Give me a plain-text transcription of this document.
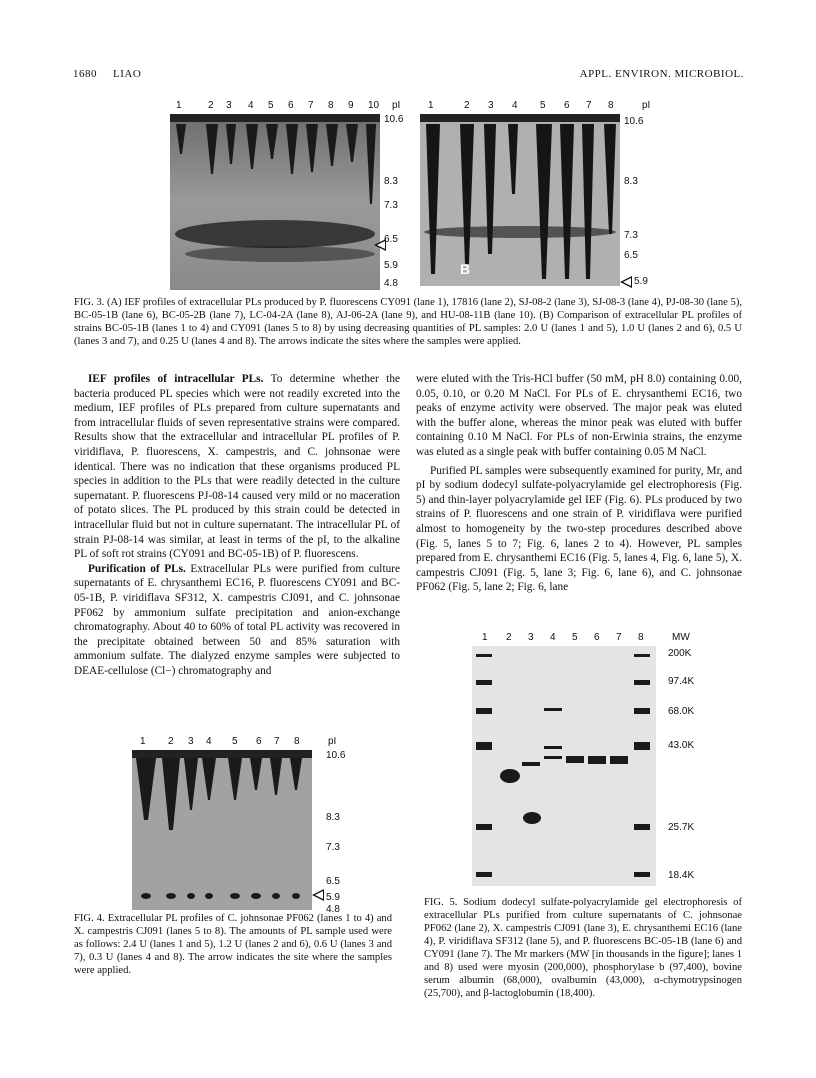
1680 LIAO	APPL. ENVIRON. MICROBIOL.
1	2 3 4 5 6 7 8 9 10 pI
10.6
8.3
7.3
6.5
5.9
4.8
1	2 3 4 5 6 7 8	pI
B
10.6
8.3
7.3
6.5
5.9
FIG. 3. (A) IEF profiles of extracellular PLs produced by P. fluorescens CY091 (lane 1), 17816 (lane 2), SJ-08-2 (lane 3), SJ-08-3 (lane 4), PJ-08-30 (lane 5), BC-05-1B (lane 6), BC-05-2B (lane 7), LC-04-2A (lane 8), AJ-06-2A (lane 9), and HU-08-11B (lane 10). (B) Comparison of extracellular PL profiles of strains BC-05-1B (lanes 1 to 4) and CY091 (lanes 5 to 8) by using decreasing quantities of PL samples: 2.0 U (lanes 1 and 5), 1.0 U (lanes 2 and 6), 0.5 U (lanes 3 and 7), and 0.25 U (lanes 4 and 8). The arrows indicate the sites where the samples were applied.

IEF profiles of intracellular PLs. To determine whether the bacteria produced PL species which were not readily excreted into the medium, IEF profiles of PLs prepared from culture supernatants and from intracellular fluids of seven representative strains were compared. Results show that the extracellular and intracellular PL profiles of P. viridiflava, P. fluorescens, X. campestris, and C. johnsonae were identical. There was no indication that these organisms produced PL species in addition to the PLs that were readily detected in the culture supernatant. P. fluorescens PJ-08-14 caused very mild or no maceration of potato slices. The PL produced by this strain could be detected in intracellular fluid but not in culture supernatant. The intracellular PL of strain PJ-08-14 was similar, at least in terms of the pI, to the alkaline PL of soft rot strains (CY091 and BC-05-1B) of P. fluorescens.

Purification of PLs. Extracellular PLs were purified from culture supernatants of E. chrysanthemi EC16, P. fluorescens CY091 and BC-05-1B, P. viridiflava SF312, X. campestris CJ091, and C. johnsonae PF062 by ammonium sulfate precipitation and anion-exchange chromatography. About 40 to 60% of total PL activity was recovered in the precipitate obtained between 50 and 85% saturation with ammonium sulfate. The dialyzed enzyme samples were subjected to DEAE-cellulose (Cl−) chromatography and

were eluted with the Tris-HCl buffer (50 mM, pH 8.0) containing 0.00, 0.05, 0.10, or 0.20 M NaCl. For PLs of E. chrysanthemi EC16, two peaks of enzyme activity were observed. The major peak was eluted with the buffer alone, whereas the minor peak was eluted with buffer containing 0.10 M NaCl. For PLs of non-Erwinia strains, the enzyme was eluted as a single peak with buffer containing 0.05 M NaCl.

Purified PL samples were subsequently examined for purity, Mr, and pI by sodium dodecyl sulfate-polyacrylamide gel electrophoresis (Fig. 5) and thin-layer polyacrylamide gel IEF (Fig. 6). PLs produced by two strains of P. fluorescens and one strain of P. viridiflava were purified almost to homogeneity by the two-step procedures described above (Fig. 5, lanes 5 to 7; Fig. 6, lanes 2 to 4). However, PL samples prepared from E. chrysanthemi EC16 (Fig. 5, lanes 4, Fig. 6, lane 5), X. campestris CJ091 (Fig. 5, lane 3; Fig. 6, lane 6), and C. johnsonae PF062 (Fig. 5, lane 2; Fig. 6, lane

1 2 3 4 5 6 7 8	pI
10.6
8.3
7.3
6.5
5.9
4.8
FIG. 4. Extracellular PL profiles of C. johnsonae PF062 (lanes 1 to 4) and X. campestris CJ091 (lanes 5 to 8). The amounts of PL sample used were as follows: 2.4 U (lanes 1 and 5), 1.2 U (lanes 2 and 6), 0.6 U (lanes 3 and 7), 0.3 U (lanes 4 and 8). The arrow indicates the site where the samples were applied.
1 2 3 4 5 6 7 8	MW
200K
97.4K
68.0K
43.0K
25.7K
18.4K
FIG. 5. Sodium dodecyl sulfate-polyacrylamide gel electrophoresis of extracellular PLs purified from culture supernatants of C. johnsonae PF062 (lane 2), X. campestris CJ091 (lane 3), E. chrysanthemi EC16 (lane 4), P. viridiflava SF312 (lane 5), and P. fluorescens BC-05-1B (lane 6) and CY091 (lane 7). The Mr markers (MW [in thousands in the figure]; lanes 1 and 8) used were myosin (200,000), phosphorylase b (97,400), bovine serum albumin (68,000), ovalbumin (43,000), α-chymotrypsinogen (25,700), and β-lactoglobumin (18,400).
